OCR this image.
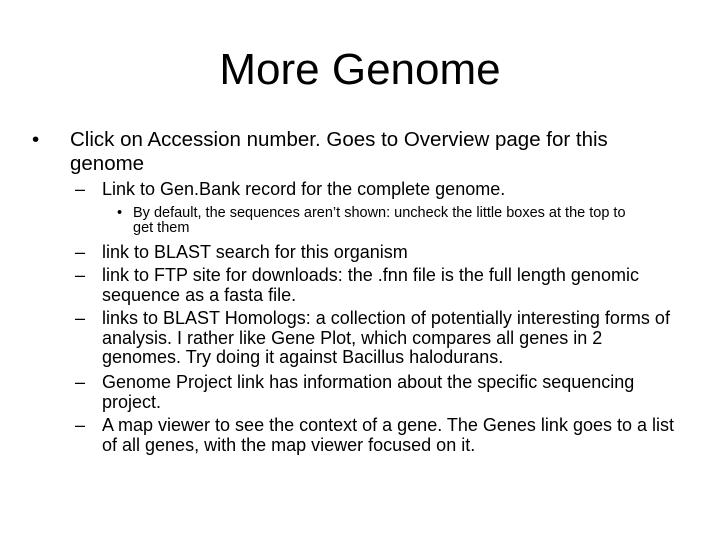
More Genome
•	Click on Accession number. Goes to Overview page for this genome
– Link to Gen.Bank record for the complete genome.
• By default, the sequences aren’t shown: uncheck the little boxes at the top to get them
– link to BLAST search for this organism
– link to FTP site for downloads: the .fnn file is the full length genomic sequence as a fasta file.
– links to BLAST Homologs: a collection of potentially interesting forms of analysis. I rather like Gene Plot, which compares all genes in 2 genomes. Try doing it against Bacillus halodurans.
– Genome Project link has information about the specific sequencing project.
– A map viewer to see the context of a gene. The Genes link goes to a list of all genes, with the map viewer focused on it.
